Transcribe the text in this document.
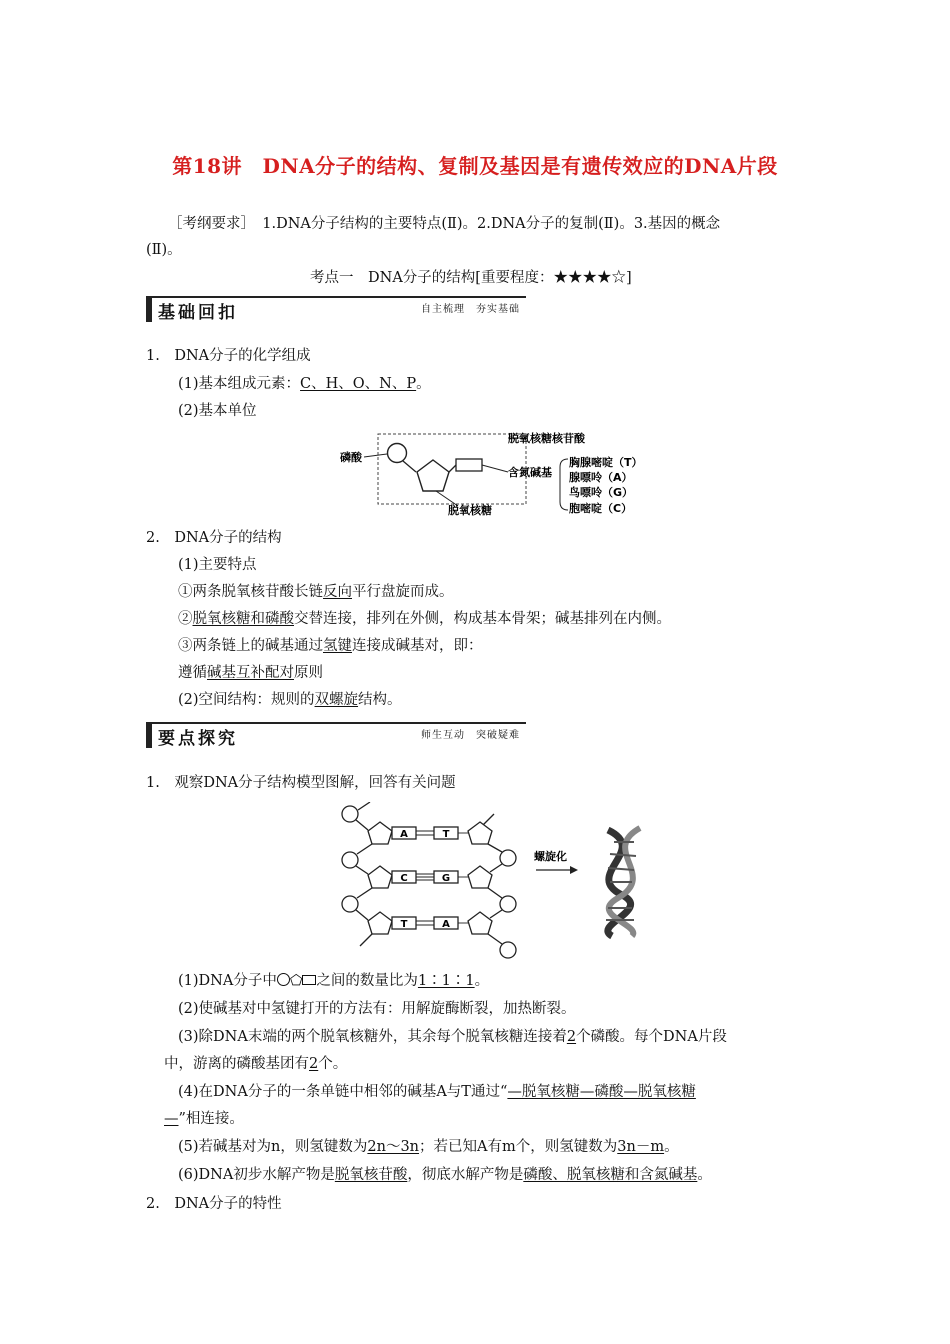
第18讲　DNA分子的结构、复制及基因是有遗传效应的DNA片段
［考纲要求］　1.DNA分子结构的主要特点(Ⅱ)。2.DNA分子的复制(Ⅱ)。3.基因的概念
(Ⅱ)。
考点一　DNA分子的结构[重要程度：★★★★☆]
基础回扣	自主梳理　夯实基础
1.　DNA分子的化学组成
(1)基本组成元素：C、H、O、N、P。
(2)基本单位
磷酸
脱氧核糖核苷酸
含氮碱基
脱氧核糖
胸腺嘧啶（T）
腺嘌呤（A）
鸟嘌呤（G）
胞嘧啶（C）
2.　DNA分子的结构
(1)主要特点
①两条脱氧核苷酸长链反向平行盘旋而成。
②脱氧核糖和磷酸交替连接，排列在外侧，构成基本骨架；碱基排列在内侧。
③两条链上的碱基通过氢键连接成碱基对，即：
遵循碱基互补配对原则
(2)空间结构：规则的双螺旋结构。
要点探究	师生互动　突破疑难
1.　观察DNA分子结构模型图解，回答有关问题
A	T
C	G
T	A
螺旋化
(1)DNA分子中 ⬠ 之间的数量比为1∶1∶1。
(2)使碱基对中氢键打开的方法有：用解旋酶断裂，加热断裂。
(3)除DNA末端的两个脱氧核糖外，其余每个脱氧核糖连接着2个磷酸。每个DNA片段
中，游离的磷酸基团有2个。
(4)在DNA分子的一条单链中相邻的碱基A与T通过“—脱氧核糖—磷酸—脱氧核糖
—”相连接。
(5)若碱基对为n，则氢键数为2n～3n；若已知A有m个，则氢键数为3n－m。
(6)DNA初步水解产物是脱氧核苷酸，彻底水解产物是磷酸、脱氧核糖和含氮碱基。
2.　DNA分子的特性
